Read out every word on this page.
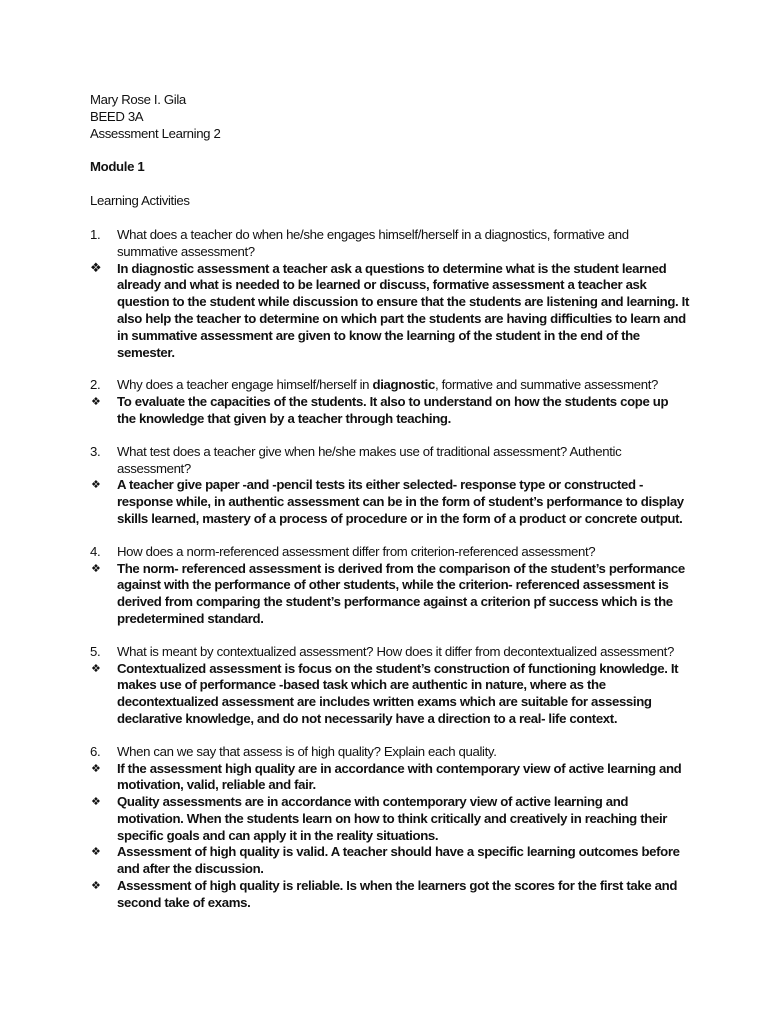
Mary Rose I. Gila

BEED 3A

Assessment Learning 2

Module 1

Learning Activities

1.	What does a teacher do when he/she engages himself/herself in a diagnostics, formative and summative assessment?
❖	In diagnostic assessment a teacher ask a questions to determine what is the student learned already and what is needed to be learned or discuss, formative assessment a teacher ask question to the student while discussion to ensure that the students are listening and learning. It also help the teacher to determine on which part the students are having difficulties to learn and in summative assessment are given to know the learning of the student in the end of the semester.
2.	Why does a teacher engage himself/herself in diagnostic, formative and summative assessment?
❖	To evaluate the capacities of the students. It also to understand on how the students cope up the knowledge that given by a teacher through teaching.
3.	What test does a teacher give when he/she makes use of traditional assessment? Authentic assessment?
❖	A teacher give paper -and -pencil tests its either selected- response type or constructed -response while, in authentic assessment can be in the form of student’s performance to display skills learned, mastery of a process of procedure or in the form of a product or concrete output.
4.	How does a norm-referenced assessment differ from criterion-referenced assessment?
❖	The norm- referenced assessment is derived from the comparison of the student’s performance against with the performance of other students, while the criterion- referenced assessment is derived from comparing the student’s performance against a criterion pf success which is the predetermined standard.
5.	What is meant by contextualized assessment? How does it differ from decontextualized assessment?
❖	Contextualized assessment is focus on the student’s construction of functioning knowledge. It makes use of performance -based task which are authentic in nature, where as the decontextualized assessment are includes written exams which are suitable for assessing declarative knowledge, and do not necessarily have a direction to a real- life context.
6.	When can we say that assess is of high quality? Explain each quality.
❖	If the assessment high quality are in accordance with contemporary view of active learning and motivation, valid, reliable and fair.
❖	Quality assessments are in accordance with contemporary view of active learning and motivation. When the students learn on how to think critically and creatively in reaching their specific goals and can apply it in the reality situations.
❖	Assessment of high quality is valid. A teacher should have a specific learning outcomes before and after the discussion.
❖	Assessment of high quality is reliable. Is when the learners got the scores for the first take and second take of exams.
